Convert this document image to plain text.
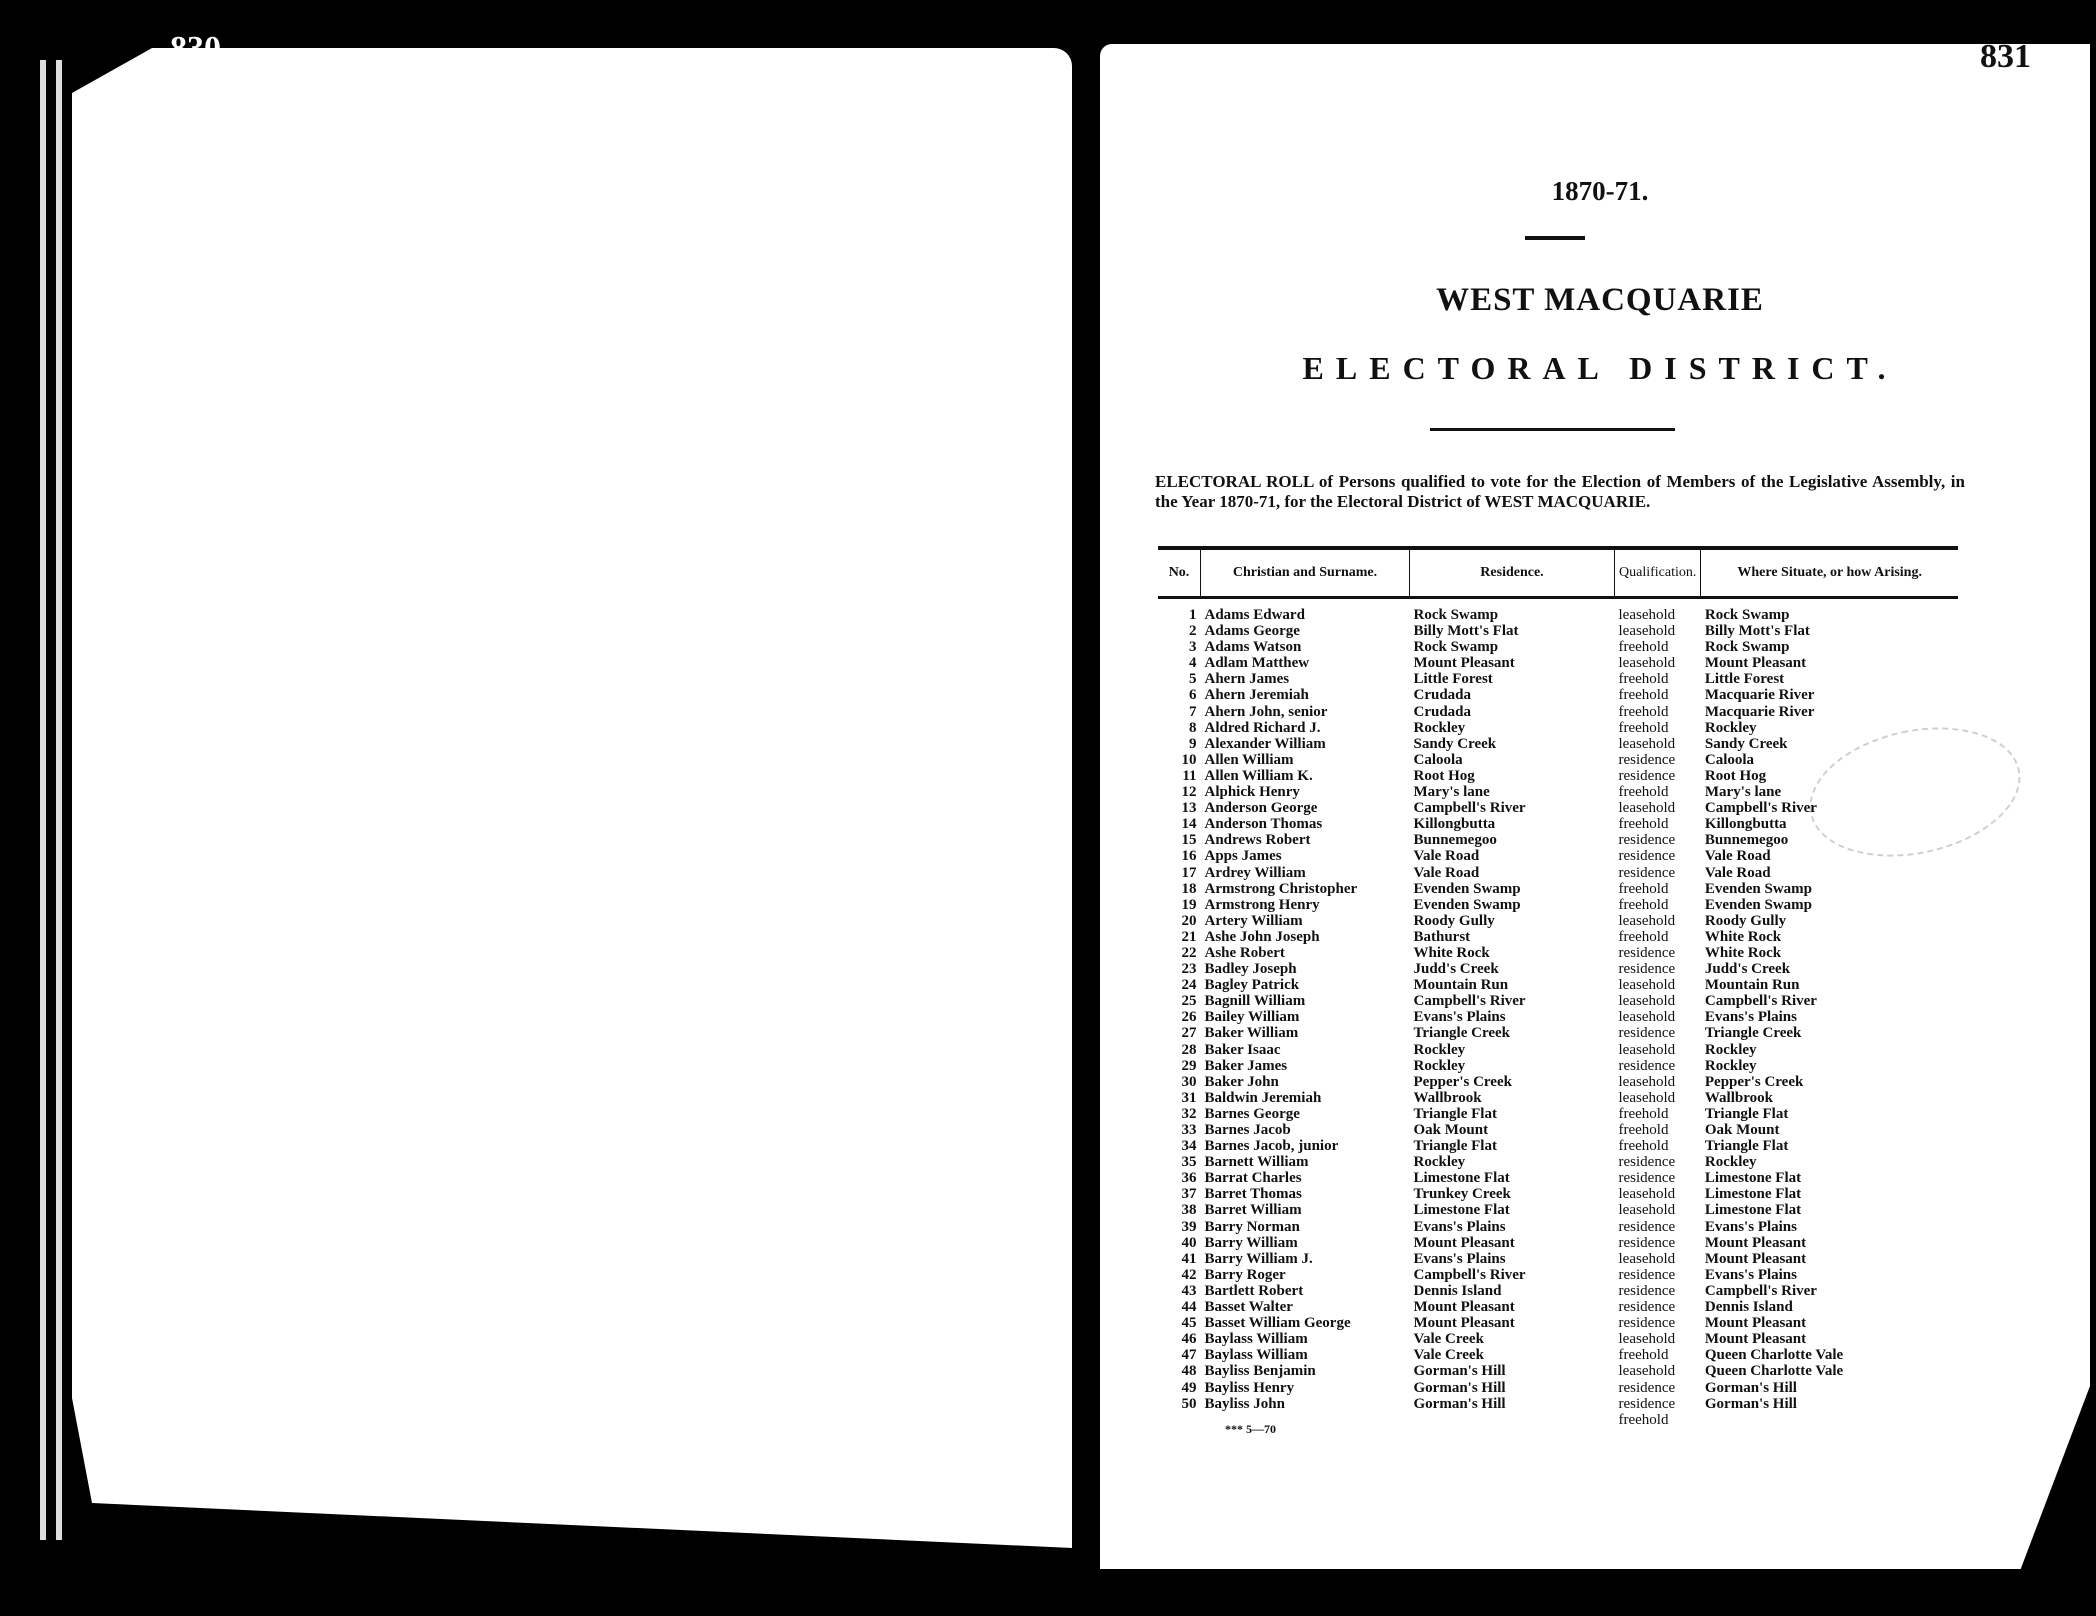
830	831
1870-71.
WEST MACQUARIE
ELECTORAL DISTRICT.
ELECTORAL ROLL of Persons qualified to vote for the Election of Members of the Legislative Assembly, in the Year 1870-71, for the Electoral District of WEST MACQUARIE.
No.	Christian and Surname.	Residence.	Qualification.	Where Situate, or how Arising.
1	Adams Edward	Rock Swamp	leasehold	Rock Swamp
2	Adams George	Billy Mott's Flat	leasehold	Billy Mott's Flat
3	Adams Watson	Rock Swamp	freehold	Rock Swamp
4	Adlam Matthew	Mount Pleasant	leasehold	Mount Pleasant
5	Ahern James	Little Forest	freehold	Little Forest
6	Ahern Jeremiah	Crudada	freehold	Macquarie River
7	Ahern John, senior	Crudada	freehold	Macquarie River
8	Aldred Richard J.	Rockley	freehold	Rockley
9	Alexander William	Sandy Creek	leasehold	Sandy Creek
10	Allen William	Caloola	residence	Caloola
11	Allen William K.	Root Hog	residence	Root Hog
12	Alphick Henry	Mary's lane	freehold	Mary's lane
13	Anderson George	Campbell's River	leasehold	Campbell's River
14	Anderson Thomas	Killongbutta	freehold	Killongbutta
15	Andrews Robert	Bunnemegoo	residence	Bunnemegoo
16	Apps James	Vale Road	residence	Vale Road
17	Ardrey William	Vale Road	residence	Vale Road
18	Armstrong Christopher	Evenden Swamp	freehold	Evenden Swamp
19	Armstrong Henry	Evenden Swamp	freehold	Evenden Swamp
20	Artery William	Roody Gully	leasehold	Roody Gully
21	Ashe John Joseph	Bathurst	freehold	White Rock
22	Ashe Robert	White Rock	residence	White Rock
23	Badley Joseph	Judd's Creek	residence	Judd's Creek
24	Bagley Patrick	Mountain Run	leasehold	Mountain Run
25	Bagnill William	Campbell's River	leasehold	Campbell's River
26	Bailey William	Evans's Plains	leasehold	Evans's Plains
27	Baker William	Triangle Creek	residence	Triangle Creek
28	Baker Isaac	Rockley	leasehold	Rockley
29	Baker James	Rockley	residence	Rockley
30	Baker John	Pepper's Creek	leasehold	Pepper's Creek
31	Baldwin Jeremiah	Wallbrook	leasehold	Wallbrook
32	Barnes George	Triangle Flat	freehold	Triangle Flat
33	Barnes Jacob	Oak Mount	freehold	Oak Mount
34	Barnes Jacob, junior	Triangle Flat	freehold	Triangle Flat
35	Barnett William	Rockley	residence	Rockley
36	Barrat Charles	Limestone Flat	residence	Limestone Flat
37	Barret Thomas	Trunkey Creek	leasehold	Limestone Flat
38	Barret William	Limestone Flat	leasehold	Limestone Flat
39	Barry Norman	Evans's Plains	residence	Evans's Plains
40	Barry William	Mount Pleasant	residence	Mount Pleasant
41	Barry William J.	Evans's Plains	leasehold	Mount Pleasant
42	Barry Roger	Campbell's River	residence	Evans's Plains
43	Bartlett Robert	Dennis Island	residence	Campbell's River
44	Basset Walter	Mount Pleasant	residence	Dennis Island
45	Basset William George	Mount Pleasant	residence	Mount Pleasant
46	Baylass William	Vale Creek	leasehold	Mount Pleasant
47	Baylass William	Vale Creek	freehold	Queen Charlotte Vale
48	Bayliss Benjamin	Gorman's Hill	leasehold	Queen Charlotte Vale
49	Bayliss Henry	Gorman's Hill	residence	Gorman's Hill
50	Bayliss John	Gorman's Hill	residence	Gorman's Hill
			freehold	
*** 5—70
